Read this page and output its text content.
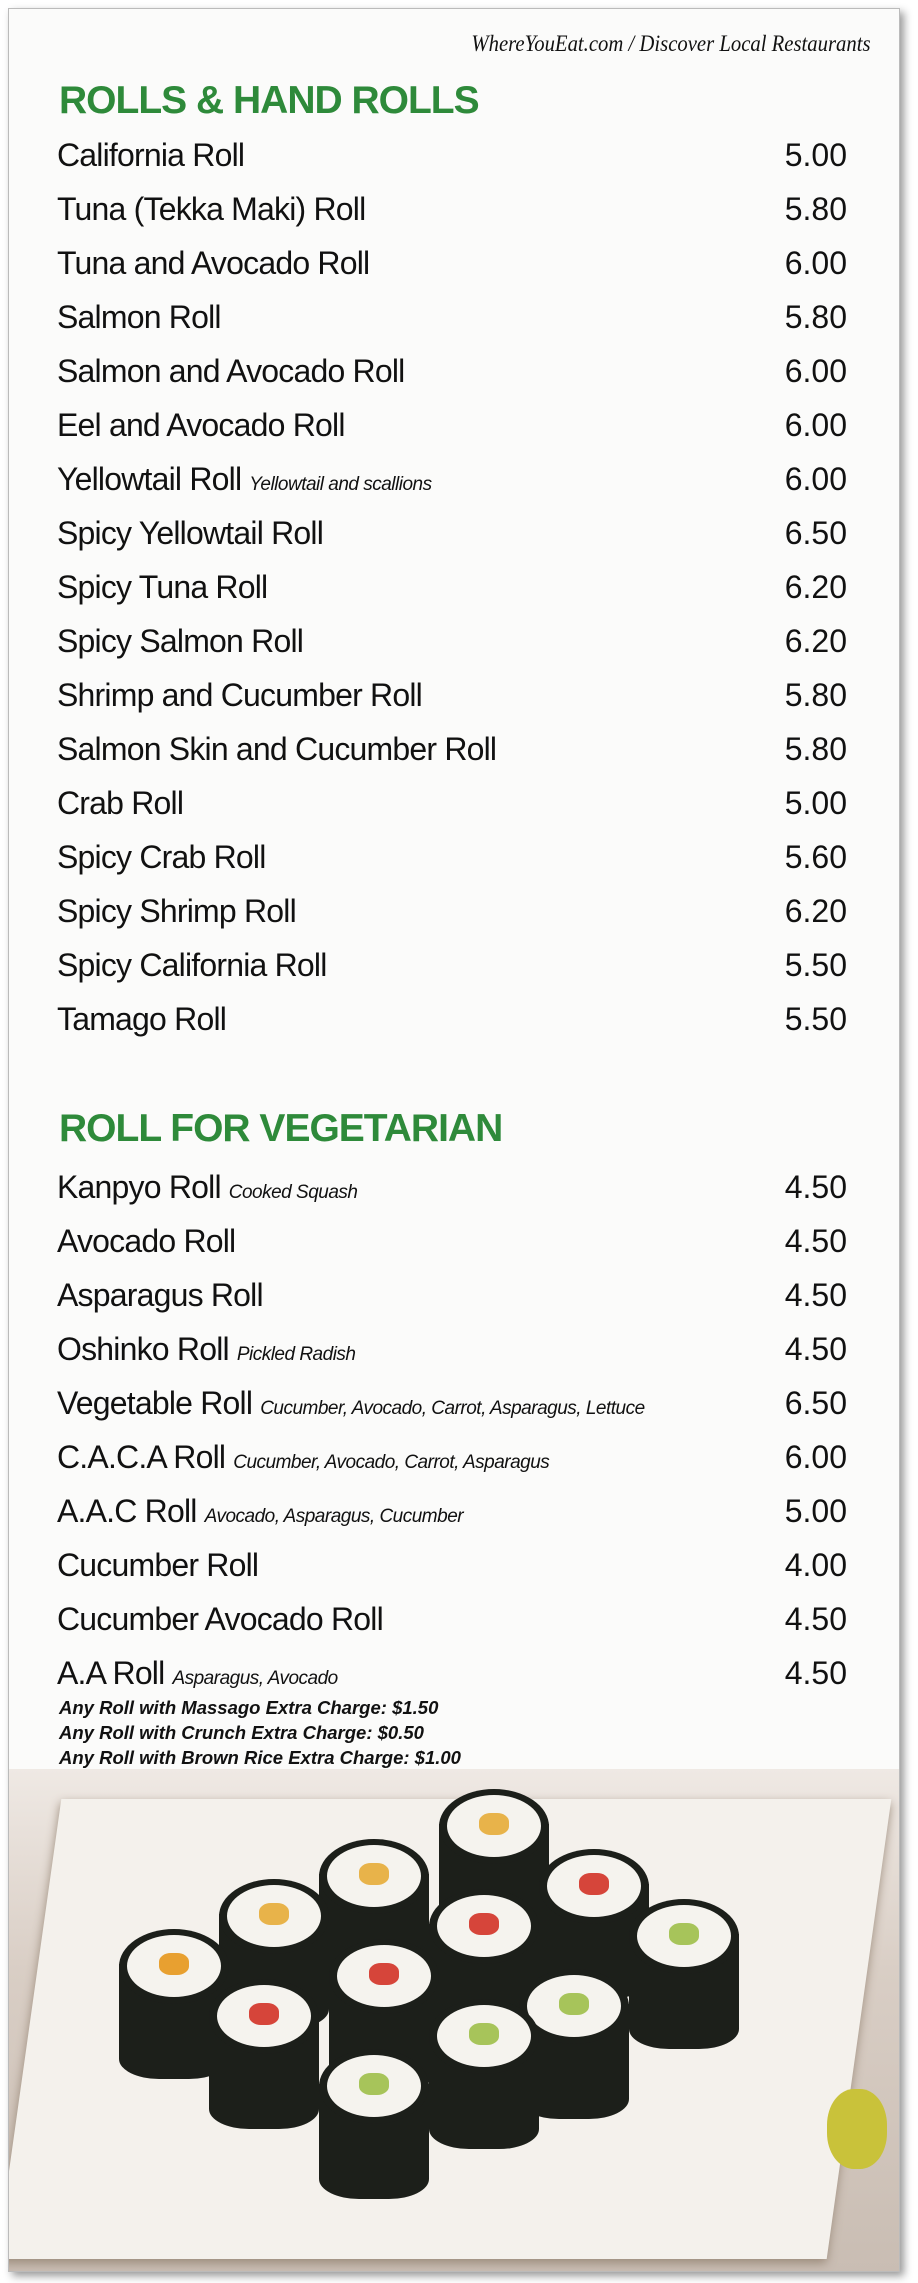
WhereYouEat.com / Discover Local Restaurants
ROLLS & HAND ROLLS
California Roll	5.00
Tuna (Tekka Maki) Roll	5.80
Tuna and Avocado Roll	6.00
Salmon Roll	5.80
Salmon and Avocado Roll	6.00
Eel and Avocado Roll	6.00
Yellowtail Roll Yellowtail and scallions	6.00
Spicy Yellowtail Roll	6.50
Spicy Tuna Roll	6.20
Spicy Salmon Roll	6.20
Shrimp and Cucumber Roll	5.80
Salmon Skin and Cucumber Roll	5.80
Crab Roll	5.00
Spicy Crab Roll	5.60
Spicy Shrimp Roll	6.20
Spicy California Roll	5.50
Tamago Roll	5.50
ROLL FOR VEGETARIAN
Kanpyo Roll Cooked Squash	4.50
Avocado Roll	4.50
Asparagus Roll	4.50
Oshinko Roll Pickled Radish	4.50
Vegetable Roll Cucumber, Avocado, Carrot, Asparagus, Lettuce	6.50
C.A.C.A Roll Cucumber, Avocado, Carrot, Asparagus	6.00
A.A.C Roll Avocado, Asparagus, Cucumber	5.00
Cucumber Roll	4.00
Cucumber Avocado Roll	4.50
A.A Roll Asparagus, Avocado	4.50
Any Roll with Massago Extra Charge: $1.50
Any Roll with Crunch Extra Charge: $0.50
Any Roll with Brown Rice Extra Charge: $1.00
